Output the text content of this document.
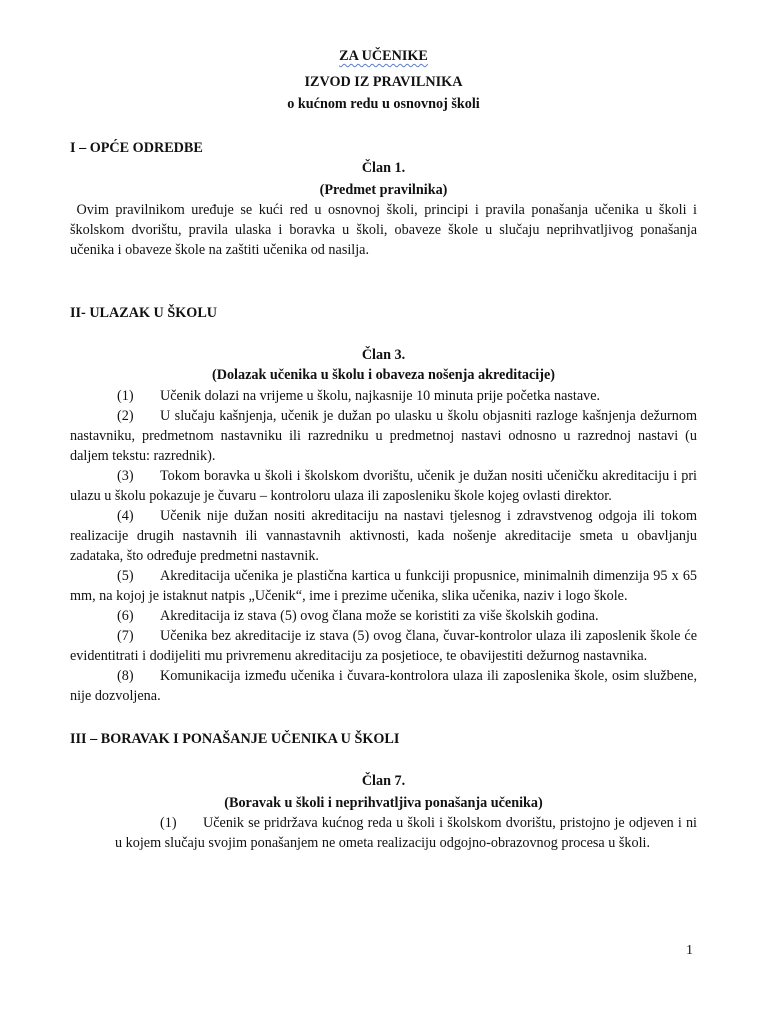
ZA UČENIKE
IZVOD IZ PRAVILNIKA
o kućnom redu u osnovnoj školi
I – OPĆE ODREDBE
Član 1.
(Predmet pravilnika)
Ovim pravilnikom uređuje se kući red u osnovnoj školi, principi i pravila ponašanja učenika u školi i školskom dvorištu, pravila ulaska i boravka u školi, obaveze škole u slučaju neprihvatljivog ponašanja učenika i obaveze škole na zaštiti učenika od nasilja.
II- ULAZAK U ŠKOLU
Član 3.
(Dolazak učenika u školu i obaveza nošenja akreditacije)
(1) Učenik dolazi na vrijeme u školu, najkasnije 10 minuta prije početka nastave.
(2) U slučaju kašnjenja, učenik je dužan po ulasku u školu objasniti razloge kašnjenja dežurnom nastavniku, predmetnom nastavniku ili razredniku u predmetnoj nastavi odnosno u razrednoj nastavi (u daljem tekstu: razrednik).
(3) Tokom boravka u školi i školskom dvorištu, učenik je dužan nositi učeničku akreditaciju i pri ulazu u školu pokazuje je čuvaru – kontroloru ulaza ili zaposleniku škole kojeg ovlasti direktor.
(4) Učenik nije dužan nositi akreditaciju na nastavi tjelesnog i zdravstvenog odgoja ili tokom realizacije drugih nastavnih ili vannastavnih aktivnosti, kada nošenje akreditacije smeta u obavljanju zadataka, što određuje predmetni nastavnik.
(5) Akreditacija učenika je plastična kartica u funkciji propusnice, minimalnih dimenzija 95 x 65 mm, na kojoj je istaknut natpis „Učenik“, ime i prezime učenika, slika učenika, naziv i logo škole.
(6) Akreditacija iz stava (5) ovog člana može se koristiti za više školskih godina.
(7) Učenika bez akreditacije iz stava (5) ovog člana, čuvar-kontrolor ulaza ili zaposlenik škole će evidentitrati i dodijeliti mu privremenu akreditaciju za posjetioce, te obavijestiti dežurnog nastavnika.
(8) Komunikacija između učenika i čuvara-kontrolora ulaza ili zaposlenika škole, osim službene, nije dozvoljena.
III – BORAVAK I PONAŠANJE UČENIKA U ŠKOLI
Član 7.
(Boravak u školi i neprihvatljiva ponašanja učenika)
(1) Učenik se pridržava kućnog reda u školi i školskom dvorištu, pristojno je odjeven i ni u kojem slučaju svojim ponašanjem ne ometa realizaciju odgojno-obrazovnog procesa u školi.
1
